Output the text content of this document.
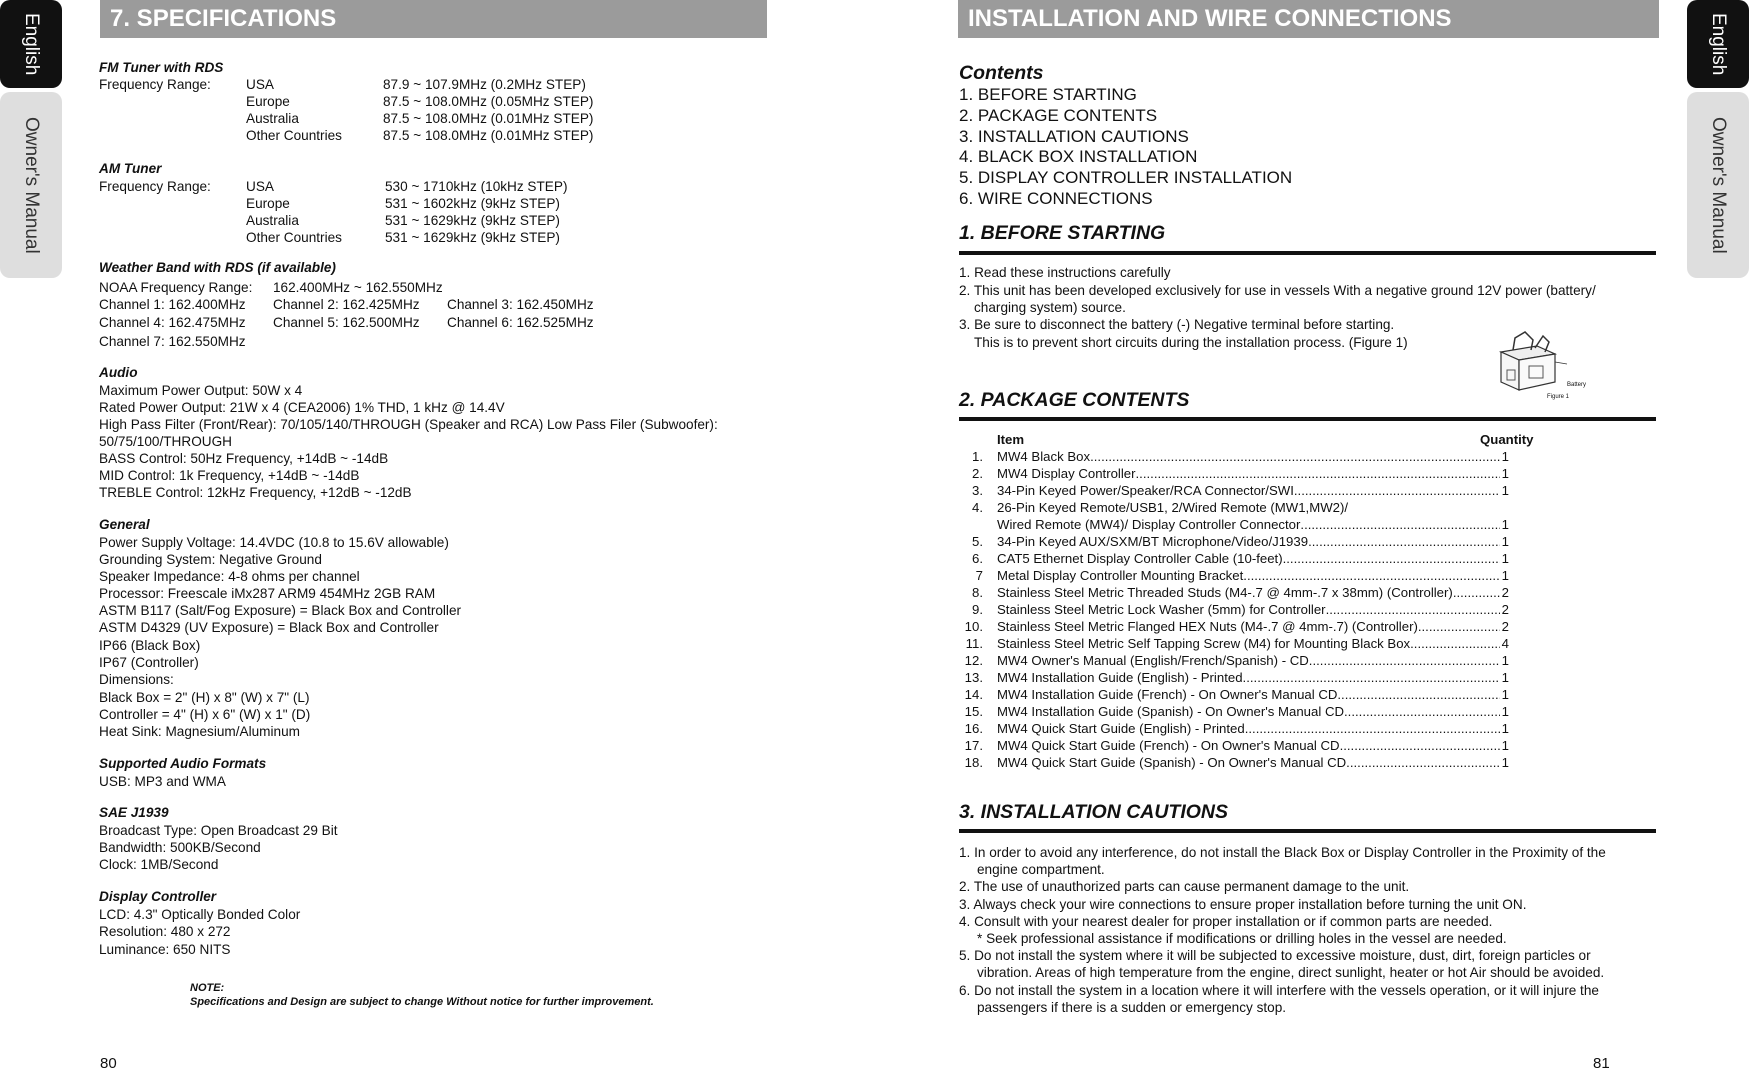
English
Owner's Manual
English
Owner's Manual
7. SPECIFICATIONS
FM Tuner with RDS
Frequency Range:	USA	87.9 ~ 107.9MHz (0.2MHz STEP)
Europe	87.5 ~ 108.0MHz (0.05MHz STEP)
Australia	87.5 ~ 108.0MHz (0.01MHz STEP)
Other Countries	87.5 ~ 108.0MHz (0.01MHz STEP)
AM Tuner
Frequency Range:	USA	530 ~ 1710kHz (10kHz STEP)
Europe	531 ~ 1602kHz (9kHz STEP)
Australia	531 ~ 1629kHz (9kHz STEP)
Other Countries	531 ~ 1629kHz (9kHz STEP)
Weather Band with RDS (if available)
NOAA Frequency Range: 162.400MHz ~ 162.550MHz
Channel 1: 162.400MHz Channel 2: 162.425MHz Channel 3: 162.450MHz
Channel 4: 162.475MHz Channel 5: 162.500MHz Channel 6: 162.525MHz
Channel 7: 162.550MHz
Audio
Maximum Power Output: 50W x 4
Rated Power Output: 21W x 4 (CEA2006) 1% THD, 1 kHz @ 14.4V
High Pass Filter (Front/Rear): 70/105/140/THROUGH (Speaker and RCA) Low Pass Filer (Subwoofer):
50/75/100/THROUGH
BASS Control: 50Hz Frequency, +14dB ~ -14dB
MID Control: 1k Frequency, +14dB ~ -14dB
TREBLE Control: 12kHz Frequency, +12dB ~ -12dB
General
Power Supply Voltage: 14.4VDC (10.8 to 15.6V allowable)
Grounding System: Negative Ground
Speaker Impedance: 4-8 ohms per channel
Processor: Freescale iMx287 ARM9 454MHz 2GB RAM
ASTM B117 (Salt/Fog Exposure) = Black Box and Controller
ASTM D4329 (UV Exposure) = Black Box and Controller
IP66 (Black Box)
IP67 (Controller)
Dimensions:
Black Box = 2" (H) x 8" (W) x 7" (L)
Controller = 4" (H) x 6" (W) x 1" (D)
Heat Sink: Magnesium/Aluminum
Supported Audio Formats
USB: MP3 and WMA
SAE J1939
Broadcast Type: Open Broadcast 29 Bit
Bandwidth: 500KB/Second
Clock: 1MB/Second
Display Controller
LCD: 4.3" Optically Bonded Color
Resolution: 480 x 272
Luminance: 650 NITS
NOTE:
Specifications and Design are subject to change Without notice for further improvement.
80
INSTALLATION AND WIRE CONNECTIONS
Contents
1. BEFORE STARTING
2. PACKAGE CONTENTS
3. INSTALLATION CAUTIONS
4. BLACK BOX INSTALLATION
5. DISPLAY CONTROLLER INSTALLATION
6. WIRE CONNECTIONS
1. BEFORE STARTING
1. Read these instructions carefully
2. This unit has been developed exclusively for use in vessels With a negative ground 12V power (battery/
charging system) source.
3. Be sure to disconnect the battery (-) Negative terminal before starting.
This is to prevent short circuits during the installation process. (Figure 1)
Battery
Figure 1
2. PACKAGE CONTENTS
Item	Quantity
1. MW4 Black Box .....	1
2. MW4 Display Controller .....	1
3. 34-Pin Keyed Power/Speaker/RCA Connector/SWI .....	1
4. 26-Pin Keyed Remote/USB1, 2/Wired Remote (MW1,MW2)/
Wired Remote (MW4)/ Display Controller Connector .....	1
5. 34-Pin Keyed AUX/SXM/BT Microphone/Video/J1939 .....	1
6. CAT5 Ethernet Display Controller Cable (10-feet) .....	1
7 Metal Display Controller Mounting Bracket .....	1
8. Stainless Steel Metric Threaded Studs (M4-.7 @ 4mm-.7 x 38mm) (Controller) .....	2
9. Stainless Steel Metric Lock Washer (5mm) for Controller .....	2
10. Stainless Steel Metric Flanged HEX Nuts (M4-.7 @ 4mm-.7) (Controller) .....	2
11. Stainless Steel Metric Self Tapping Screw (M4) for Mounting Black Box .....	4
12. MW4 Owner's Manual (English/French/Spanish) - CD .....	1
13. MW4 Installation Guide (English) - Printed .....	1
14. MW4 Installation Guide (French) - On Owner's Manual CD .....	1
15. MW4 Installation Guide (Spanish) - On Owner's Manual CD .....	1
16. MW4 Quick Start Guide (English) - Printed .....	1
17. MW4 Quick Start Guide (French) - On Owner's Manual CD .....	1
18. MW4 Quick Start Guide (Spanish) - On Owner's Manual CD .....	1
3. INSTALLATION CAUTIONS
1. In order to avoid any interference, do not install the Black Box or Display Controller in the Proximity of the
engine compartment.
2. The use of unauthorized parts can cause permanent damage to the unit.
3. Always check your wire connections to ensure proper installation before turning the unit ON.
4. Consult with your nearest dealer for proper installation or if common parts are needed.
* Seek professional assistance if modifications or drilling holes in the vessel are needed.
5. Do not install the system where it will be subjected to excessive moisture, dust, dirt, foreign particles or
vibration. Areas of high temperature from the engine, direct sunlight, heater or hot Air should be avoided.
6. Do not install the system in a location where it will interfere with the vessels operation, or it will injure the
passengers if there is a sudden or emergency stop.
81
